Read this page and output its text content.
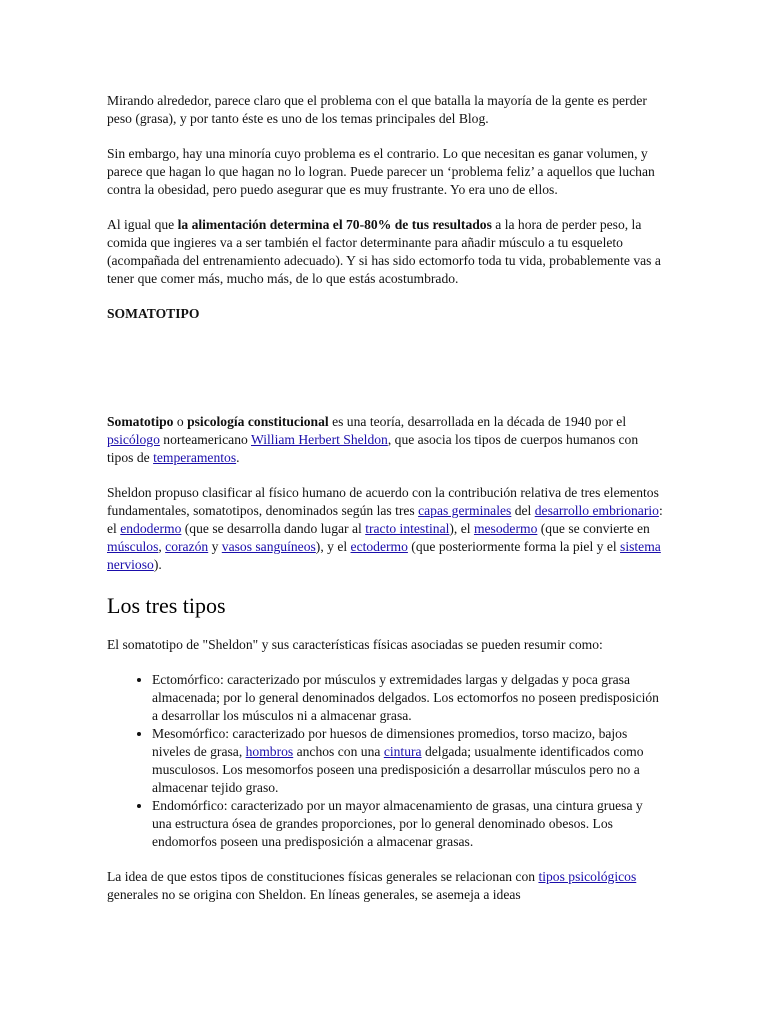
Mirando alrededor, parece claro que el problema con el que batalla la mayoría de la gente es perder peso (grasa), y por tanto éste es uno de los temas principales del Blog.

Sin embargo, hay una minoría cuyo problema es el contrario. Lo que necesitan es ganar volumen, y parece que hagan lo que hagan no lo logran. Puede parecer un ‘problema feliz’ a aquellos que luchan contra la obesidad, pero puedo asegurar que es muy frustrante. Yo era uno de ellos.

Al igual que la alimentación determina el 70-80% de tus resultados a la hora de perder peso, la comida que ingieres va a ser también el factor determinante para añadir músculo a tu esqueleto (acompañada del entrenamiento adecuado). Y si has sido ectomorfo toda tu vida, probablemente vas a tener que comer más, mucho más, de lo que estás acostumbrado.

SOMATOTIPO

Somatotipo o psicología constitucional es una teoría, desarrollada en la década de 1940 por el psicólogo norteamericano William Herbert Sheldon, que asocia los tipos de cuerpos humanos con tipos de temperamentos.

Sheldon propuso clasificar al físico humano de acuerdo con la contribución relativa de tres elementos fundamentales, somatotipos, denominados según las tres capas germinales del desarrollo embrionario: el endodermo (que se desarrolla dando lugar al tracto intestinal), el mesodermo (que se convierte en músculos, corazón y vasos sanguíneos), y el ectodermo (que posteriormente forma la piel y el sistema nervioso).

Los tres tipos

El somatotipo de "Sheldon" y sus características físicas asociadas se pueden resumir como:

• Ectomórfico: caracterizado por músculos y extremidades largas y delgadas y poca grasa almacenada; por lo general denominados delgados. Los ectomorfos no poseen predisposición a desarrollar los músculos ni a almacenar grasa.
• Mesomórfico: caracterizado por huesos de dimensiones promedios, torso macizo, bajos niveles de grasa, hombros anchos con una cintura delgada; usualmente identificados como musculosos. Los mesomorfos poseen una predisposición a desarrollar músculos pero no a almacenar tejido graso.
• Endomórfico: caracterizado por un mayor almacenamiento de grasas, una cintura gruesa y una estructura ósea de grandes proporciones, por lo general denominado obesos. Los endomorfos poseen una predisposición a almacenar grasas.

La idea de que estos tipos de constituciones físicas generales se relacionan con tipos psicológicos generales no se origina con Sheldon. En líneas generales, se asemeja a ideas
